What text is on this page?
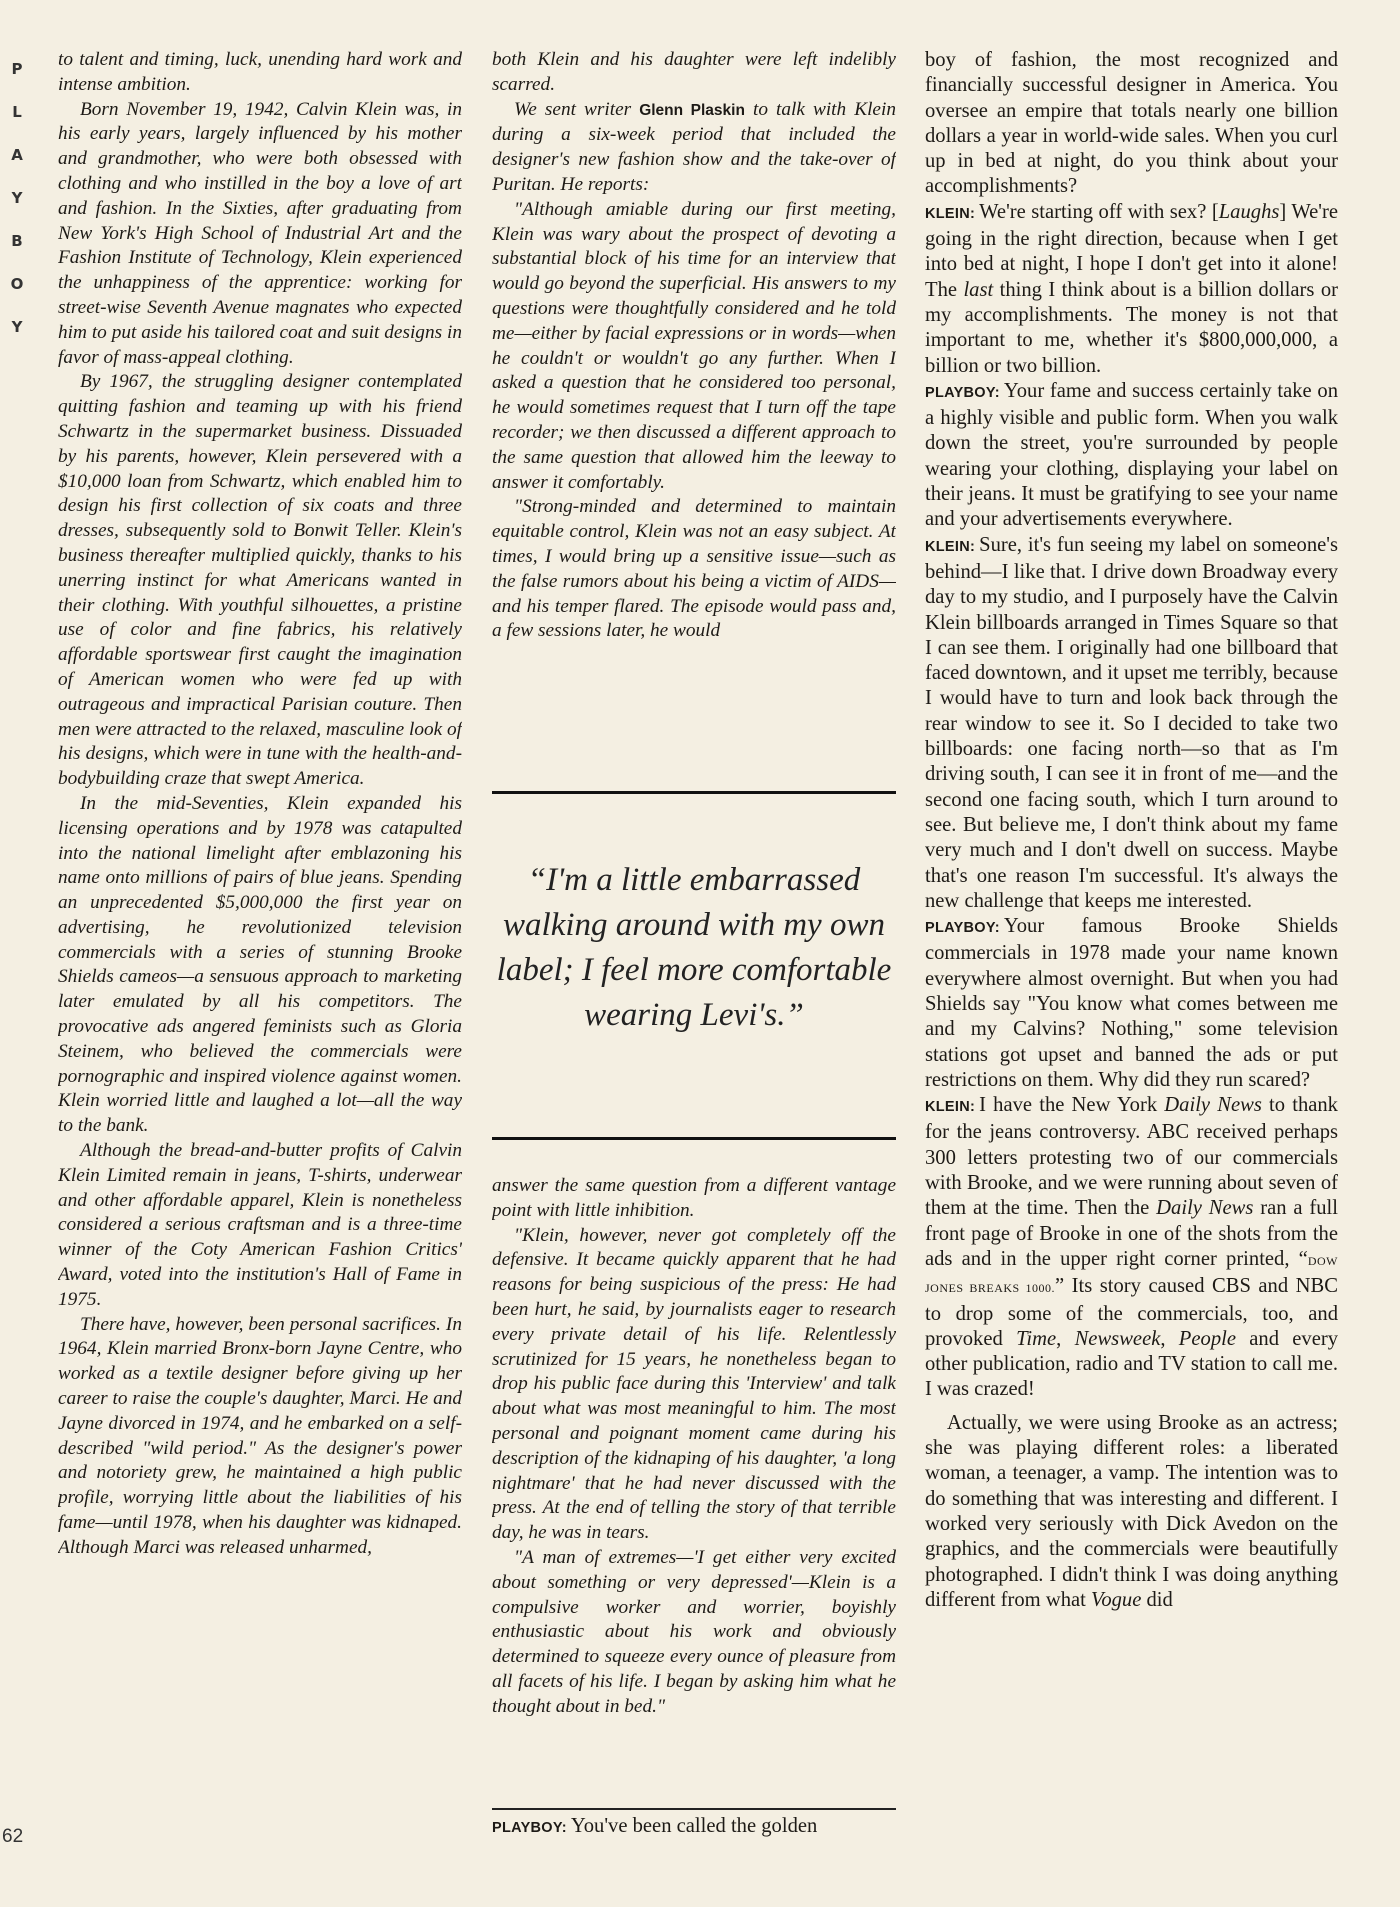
P
L
A
Y
B
O
Y
62

to talent and timing, luck, unending hard work and intense ambition.

Born November 19, 1942, Calvin Klein was, in his early years, largely influenced by his mother and grandmother, who were both obsessed with clothing and who instilled in the boy a love of art and fashion. In the Sixties, after graduating from New York's High School of Industrial Art and the Fashion Institute of Technology, Klein experienced the unhappiness of the apprentice: working for street-wise Seventh Avenue magnates who expected him to put aside his tailored coat and suit designs in favor of mass-appeal clothing.

By 1967, the struggling designer contemplated quitting fashion and teaming up with his friend Schwartz in the supermarket business. Dissuaded by his parents, however, Klein persevered with a $10,000 loan from Schwartz, which enabled him to design his first collection of six coats and three dresses, subsequently sold to Bonwit Teller. Klein's business thereafter multiplied quickly, thanks to his unerring instinct for what Americans wanted in their clothing. With youthful silhouettes, a pristine use of color and fine fabrics, his relatively affordable sportswear first caught the imagination of American women who were fed up with outrageous and impractical Parisian couture. Then men were attracted to the relaxed, masculine look of his designs, which were in tune with the health-and-bodybuilding craze that swept America.

In the mid-Seventies, Klein expanded his licensing operations and by 1978 was catapulted into the national limelight after emblazoning his name onto millions of pairs of blue jeans. Spending an unprecedented $5,000,000 the first year on advertising, he revolutionized television commercials with a series of stunning Brooke Shields cameos—a sensuous approach to marketing later emulated by all his competitors. The provocative ads angered feminists such as Gloria Steinem, who believed the commercials were pornographic and inspired violence against women. Klein worried little and laughed a lot—all the way to the bank.

Although the bread-and-butter profits of Calvin Klein Limited remain in jeans, T-shirts, underwear and other affordable apparel, Klein is nonetheless considered a serious craftsman and is a three-time winner of the Coty American Fashion Critics' Award, voted into the institution's Hall of Fame in 1975.

There have, however, been personal sacrifices. In 1964, Klein married Bronx-born Jayne Centre, who worked as a textile designer before giving up her career to raise the couple's daughter, Marci. He and Jayne divorced in 1974, and he embarked on a self-described "wild period." As the designer's power and notoriety grew, he maintained a high public profile, worrying little about the liabilities of his fame—until 1978, when his daughter was kidnaped. Although Marci was released unharmed,

both Klein and his daughter were left indelibly scarred.

We sent writer Glenn Plaskin to talk with Klein during a six-week period that included the designer's new fashion show and the take-over of Puritan. He reports:

"Although amiable during our first meeting, Klein was wary about the prospect of devoting a substantial block of his time for an interview that would go beyond the superficial. His answers to my questions were thoughtfully considered and he told me—either by facial expressions or in words—when he couldn't or wouldn't go any further. When I asked a question that he considered too personal, he would sometimes request that I turn off the tape recorder; we then discussed a different approach to the same question that allowed him the leeway to answer it comfortably.

"Strong-minded and determined to maintain equitable control, Klein was not an easy subject. At times, I would bring up a sensitive issue—such as the false rumors about his being a victim of AIDS—and his temper flared. The episode would pass and, a few sessions later, he would

“I'm a little embarrassed walking around with my own label; I feel more comfortable wearing Levi's.”

answer the same question from a different vantage point with little inhibition.

"Klein, however, never got completely off the defensive. It became quickly apparent that he had reasons for being suspicious of the press: He had been hurt, he said, by journalists eager to research every private detail of his life. Relentlessly scrutinized for 15 years, he nonetheless began to drop his public face during this 'Interview' and talk about what was most meaningful to him. The most personal and poignant moment came during his description of the kidnaping of his daughter, 'a long nightmare' that he had never discussed with the press. At the end of telling the story of that terrible day, he was in tears.

"A man of extremes—'I get either very excited about something or very depressed'—Klein is a compulsive worker and worrier, boyishly enthusiastic about his work and obviously determined to squeeze every ounce of pleasure from all facets of his life. I began by asking him what he thought about in bed."

PLAYBOY: You've been called the golden

boy of fashion, the most recognized and financially successful designer in America. You oversee an empire that totals nearly one billion dollars a year in world-wide sales. When you curl up in bed at night, do you think about your accomplishments?

KLEIN: We're starting off with sex? [Laughs] We're going in the right direction, because when I get into bed at night, I hope I don't get into it alone! The last thing I think about is a billion dollars or my accomplishments. The money is not that important to me, whether it's $800,000,000, a billion or two billion.

PLAYBOY: Your fame and success certainly take on a highly visible and public form. When you walk down the street, you're surrounded by people wearing your clothing, displaying your label on their jeans. It must be gratifying to see your name and your advertisements everywhere.

KLEIN: Sure, it's fun seeing my label on someone's behind—I like that. I drive down Broadway every day to my studio, and I purposely have the Calvin Klein billboards arranged in Times Square so that I can see them. I originally had one billboard that faced downtown, and it upset me terribly, because I would have to turn and look back through the rear window to see it. So I decided to take two billboards: one facing north—so that as I'm driving south, I can see it in front of me—and the second one facing south, which I turn around to see. But believe me, I don't think about my fame very much and I don't dwell on success. Maybe that's one reason I'm successful. It's always the new challenge that keeps me interested.

PLAYBOY: Your famous Brooke Shields commercials in 1978 made your name known everywhere almost overnight. But when you had Shields say "You know what comes between me and my Calvins? Nothing," some television stations got upset and banned the ads or put restrictions on them. Why did they run scared?

KLEIN: I have the New York Daily News to thank for the jeans controversy. ABC received perhaps 300 letters protesting two of our commercials with Brooke, and we were running about seven of them at the time. Then the Daily News ran a full front page of Brooke in one of the shots from the ads and in the upper right corner printed, “DOW JONES BREAKS 1000.” Its story caused CBS and NBC to drop some of the commercials, too, and provoked Time, Newsweek, People and every other publication, radio and TV station to call me. I was crazed!

Actually, we were using Brooke as an actress; she was playing different roles: a liberated woman, a teenager, a vamp. The intention was to do something that was interesting and different. I worked very seriously with Dick Avedon on the graphics, and the commercials were beautifully photographed. I didn't think I was doing anything different from what Vogue did
